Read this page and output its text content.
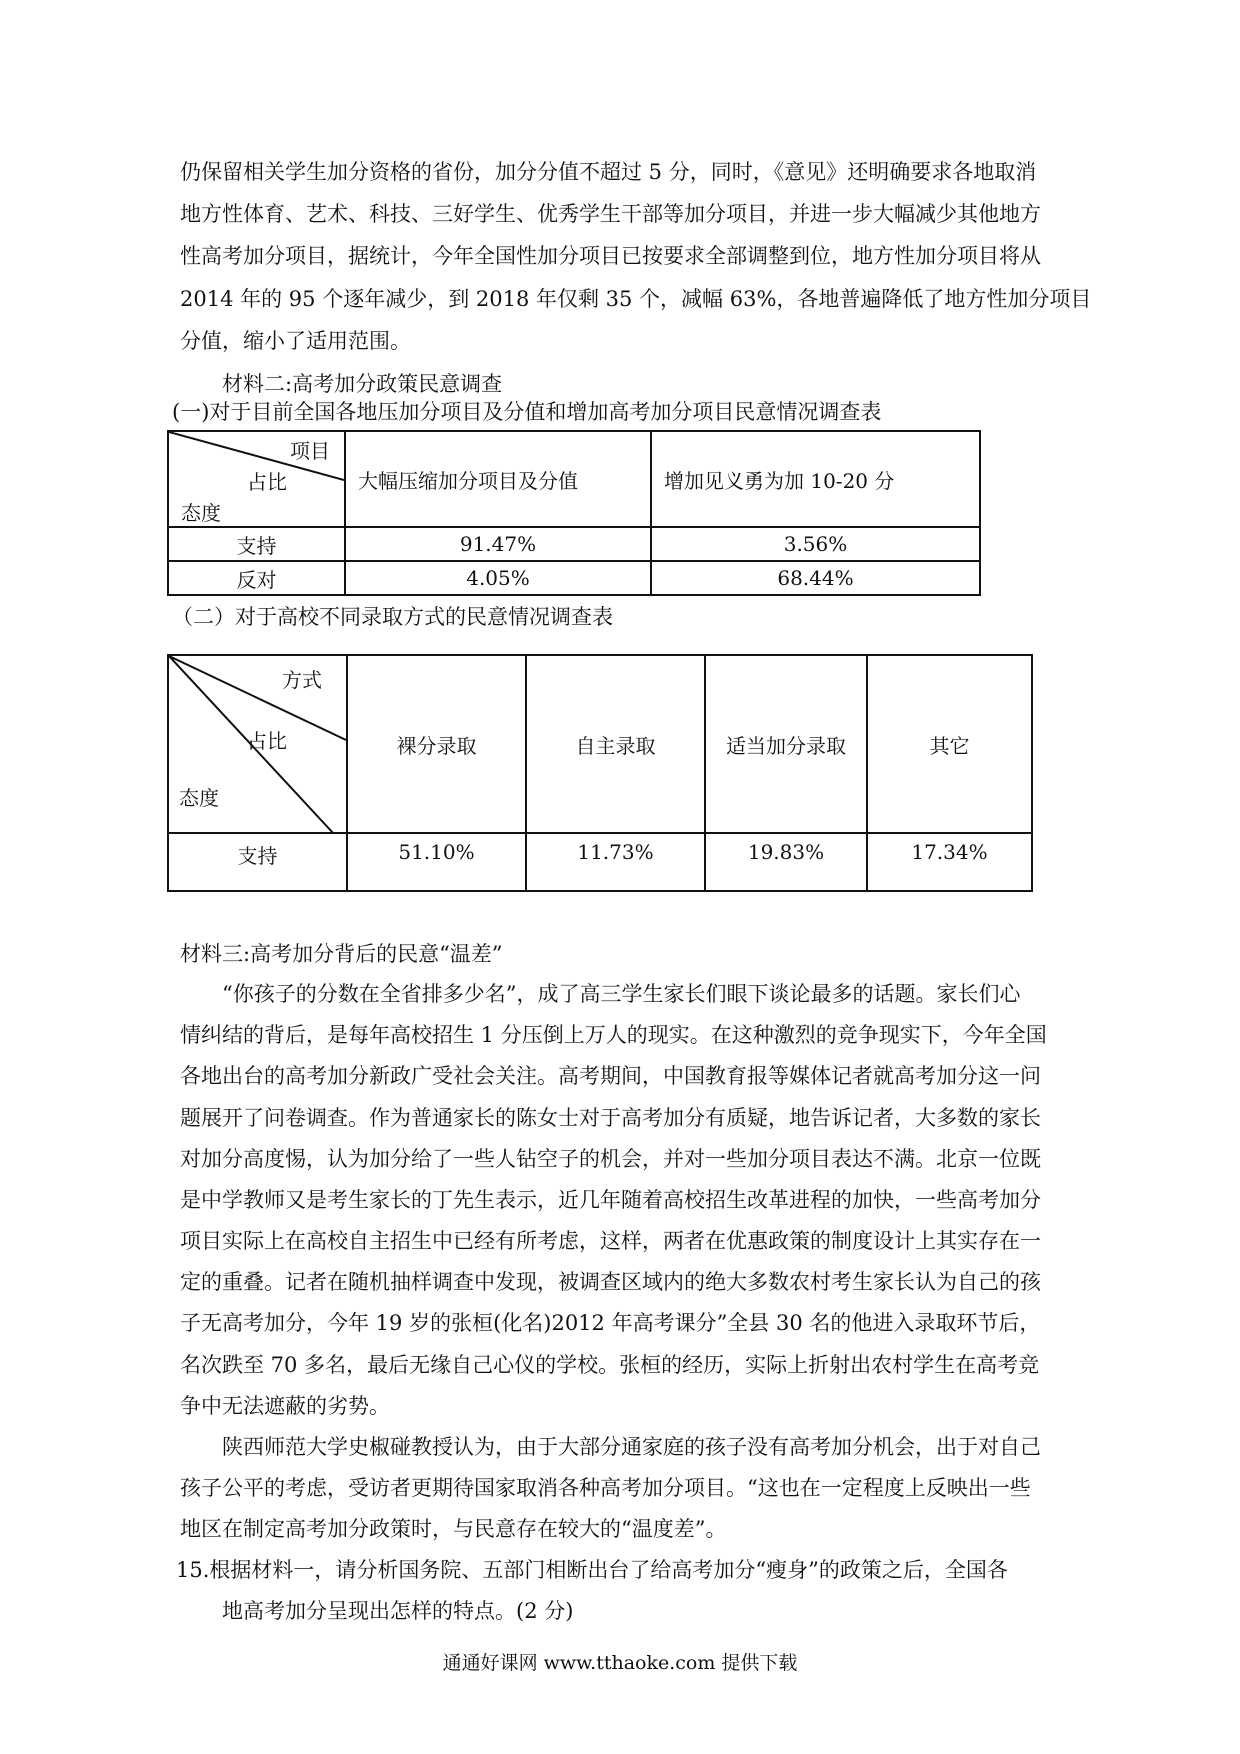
仍保留相关学生加分资格的省份，加分分值不超过 5 分，同时，《意见》还明确要求各地取消
地方性体育、艺术、科技、三好学生、优秀学生干部等加分项目，并进一步大幅减少其他地方
性高考加分项目，据统计，今年全国性加分项目已按要求全部调整到位，地方性加分项目将从
2014 年的 95 个逐年减少，到 2018 年仅剩 35 个，减幅 63%，各地普遍降低了地方性加分项目
分值，缩小了适用范围。
材料二:高考加分政策民意调查
(一)对于目前全国各地压加分项目及分值和增加高考加分项目民意情况调查表
项目
占比
态度	大幅压缩加分项目及分值	增加见义勇为加 10-20 分
支持	91.47%	3.56%
反对	4.05%	68.44%
（二）对于高校不同录取方式的民意情况调查表
方式
占比
态度	裸分录取	自主录取	适当加分录取	其它
支持	51.10%	11.73%	19.83%	17.34%
材料三:高考加分背后的民意“温差”
“你孩子的分数在全省排多少名”，成了高三学生家长们眼下谈论最多的话题。家长们心
情纠结的背后，是每年高校招生 1 分压倒上万人的现实。在这种激烈的竞争现实下，今年全国
各地出台的高考加分新政广受社会关注。高考期间，中国教育报等媒体记者就高考加分这一问
题展开了问卷调查。作为普通家长的陈女士对于高考加分有质疑，地告诉记者，大多数的家长
对加分高度惕，认为加分给了一些人钻空子的机会，并对一些加分项目表达不满。北京一位既
是中学教师又是考生家长的丁先生表示，近几年随着高校招生改革进程的加快，一些高考加分
项目实际上在高校自主招生中已经有所考虑，这样，两者在优惠政策的制度设计上其实存在一
定的重叠。记者在随机抽样调查中发现，被调查区域内的绝大多数农村考生家长认为自己的孩
子无高考加分，今年 19 岁的张桓(化名)2012 年高考课分”全县 30 名的他进入录取环节后，
名次跌至 70 多名，最后无缘自己心仪的学校。张桓的经历，实际上折射出农村学生在高考竞
争中无法遮蔽的劣势。
陕西师范大学史椒碰教授认为，由于大部分通家庭的孩子没有高考加分机会，出于对自己
孩子公平的考虑，受访者更期待国家取消各种高考加分项目。“这也在一定程度上反映出一些
地区在制定高考加分政策时，与民意存在较大的“温度差”。
15.根据材料一，请分析国务院、五部门相断出台了给高考加分“瘦身”的政策之后，全国各
地高考加分呈现出怎样的特点。(2 分)
通通好课网 www.tthaoke.com 提供下载
